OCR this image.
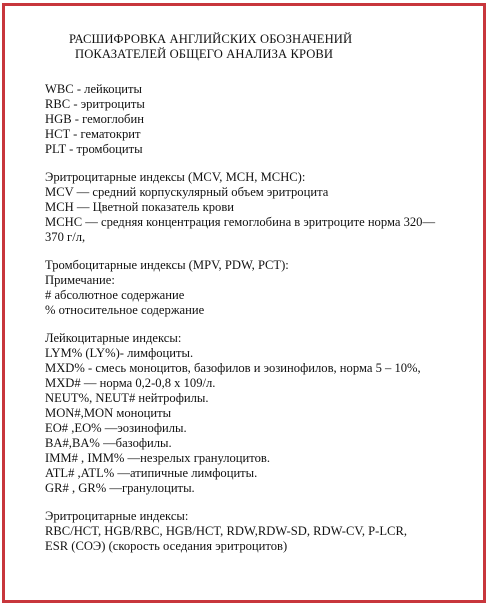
РАСШИФРОВКА АНГЛИЙСКИХ ОБОЗНАЧЕНИЙ
ПОКАЗАТЕЛЕЙ ОБЩЕГО АНАЛИЗА КРОВИ
WBC - лейкоциты
RBC - эритроциты
HGB - гемоглобин
HCT - гематокрит
PLT - тромбоциты
Эритроцитарные индексы (MCV, MCH, MCHC):
MCV — средний корпускулярный объем эритроцита
MCH — Цветной показатель крови
MCHC — средняя концентрация гемоглобина в эритроците норма 320—
370 г/л,
Тромбоцитарные индексы (MPV, PDW, PCT):
Примечание:
# абсолютное содержание
% относительное содержание
Лейкоцитарные индексы:
LYM% (LY%)- лимфоциты.
MXD% - смесь моноцитов, базофилов и эозинофилов, норма 5 – 10%,
MXD# — норма 0,2-0,8 x 109/л.
NEUT%, NEUT# нейтрофилы.
MON#,MON моноциты
EO# ,EO% —эозинофилы.
BA#,BA% —базофилы.
IMM# , IMM% —незрелых гранулоцитов.
ATL# ,ATL% —атипичные лимфоциты.
GR# , GR% —гранулоциты.
Эритроцитарные индексы:
RBC/HCT, HGB/RBC, HGB/HCT, RDW,RDW-SD, RDW-CV, P-LCR,
ESR (СОЭ) (скорость оседания эритроцитов)
